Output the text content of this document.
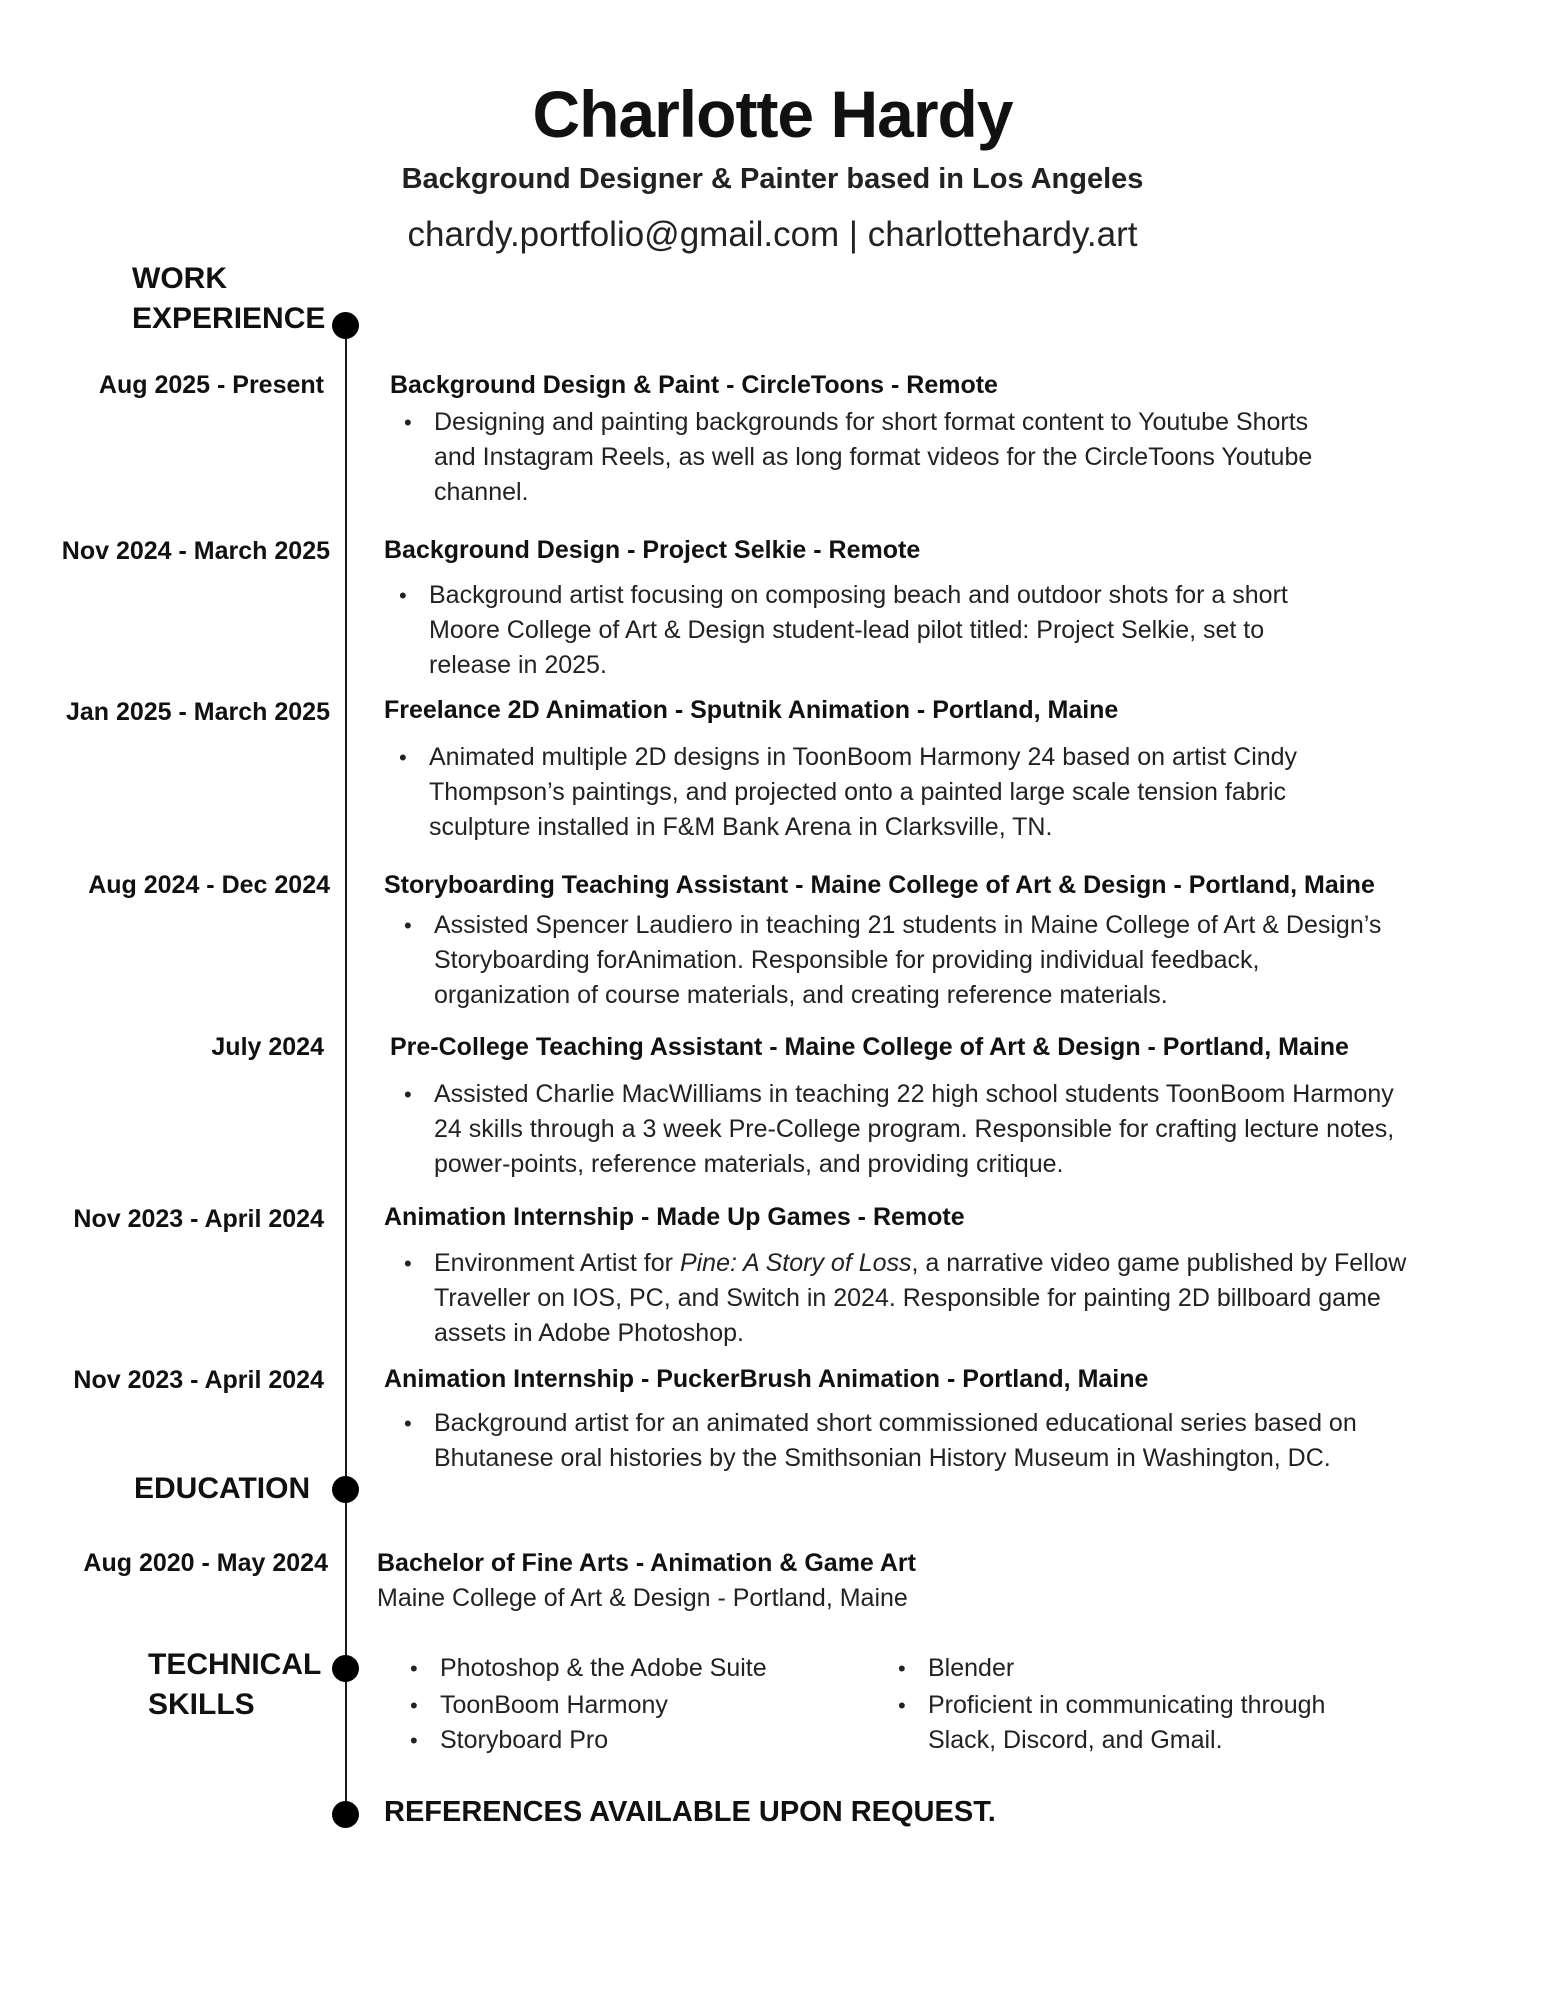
Charlotte Hardy
Background Designer & Painter based in Los Angeles
chardy.portfolio@gmail.com | charlottehardy.art
WORK
EXPERIENCE
EDUCATION
TECHNICAL
SKILLS
Aug 2025 - Present	Background Design & Paint - CircleToons - Remote
• Designing and painting backgrounds for short format content to Youtube Shorts and Instagram Reels, as well as long format videos for the CircleToons Youtube channel.
Nov 2024 - March 2025 Background Design - Project Selkie - Remote
• Background artist focusing on composing beach and outdoor shots for a short Moore College of Art & Design student-lead pilot titled: Project Selkie, set to release in 2025.
Jan 2025 - March 2025 Freelance 2D Animation - Sputnik Animation - Portland, Maine
• Animated multiple 2D designs in ToonBoom Harmony 24 based on artist Cindy Thompson’s paintings, and projected onto a painted large scale tension fabric sculpture installed in F&M Bank Arena in Clarksville, TN.
Aug 2024 - Dec 2024 Storyboarding Teaching Assistant - Maine College of Art & Design - Portland, Maine
• Assisted Spencer Laudiero in teaching 21 students in Maine College of Art & Design’s Storyboarding forAnimation. Responsible for providing individual feedback, organization of course materials, and creating reference materials.
July 2024	Pre-College Teaching Assistant - Maine College of Art & Design - Portland, Maine
• Assisted Charlie MacWilliams in teaching 22 high school students ToonBoom Harmony 24 skills through a 3 week Pre-College program. Responsible for crafting lecture notes, power-points, reference materials, and providing critique.
Nov 2023 - April 2024 Animation Internship - Made Up Games - Remote
• Environment Artist for Pine: A Story of Loss, a narrative video game published by Fellow Traveller on IOS, PC, and Switch in 2024. Responsible for painting 2D billboard game assets in Adobe Photoshop.
Nov 2023 - April 2024 Animation Internship - PuckerBrush Animation - Portland, Maine
• Background artist for an animated short commissioned educational series based on Bhutanese oral histories by the Smithsonian History Museum in Washington, DC.
Aug 2020 - May 2024 Bachelor of Fine Arts - Animation & Game Art
Maine College of Art & Design - Portland, Maine
• Photoshop & the Adobe Suite
• ToonBoom Harmony
• Storyboard Pro
• Blender
• Proficient in communicating through Slack, Discord, and Gmail.
REFERENCES AVAILABLE UPON REQUEST.
